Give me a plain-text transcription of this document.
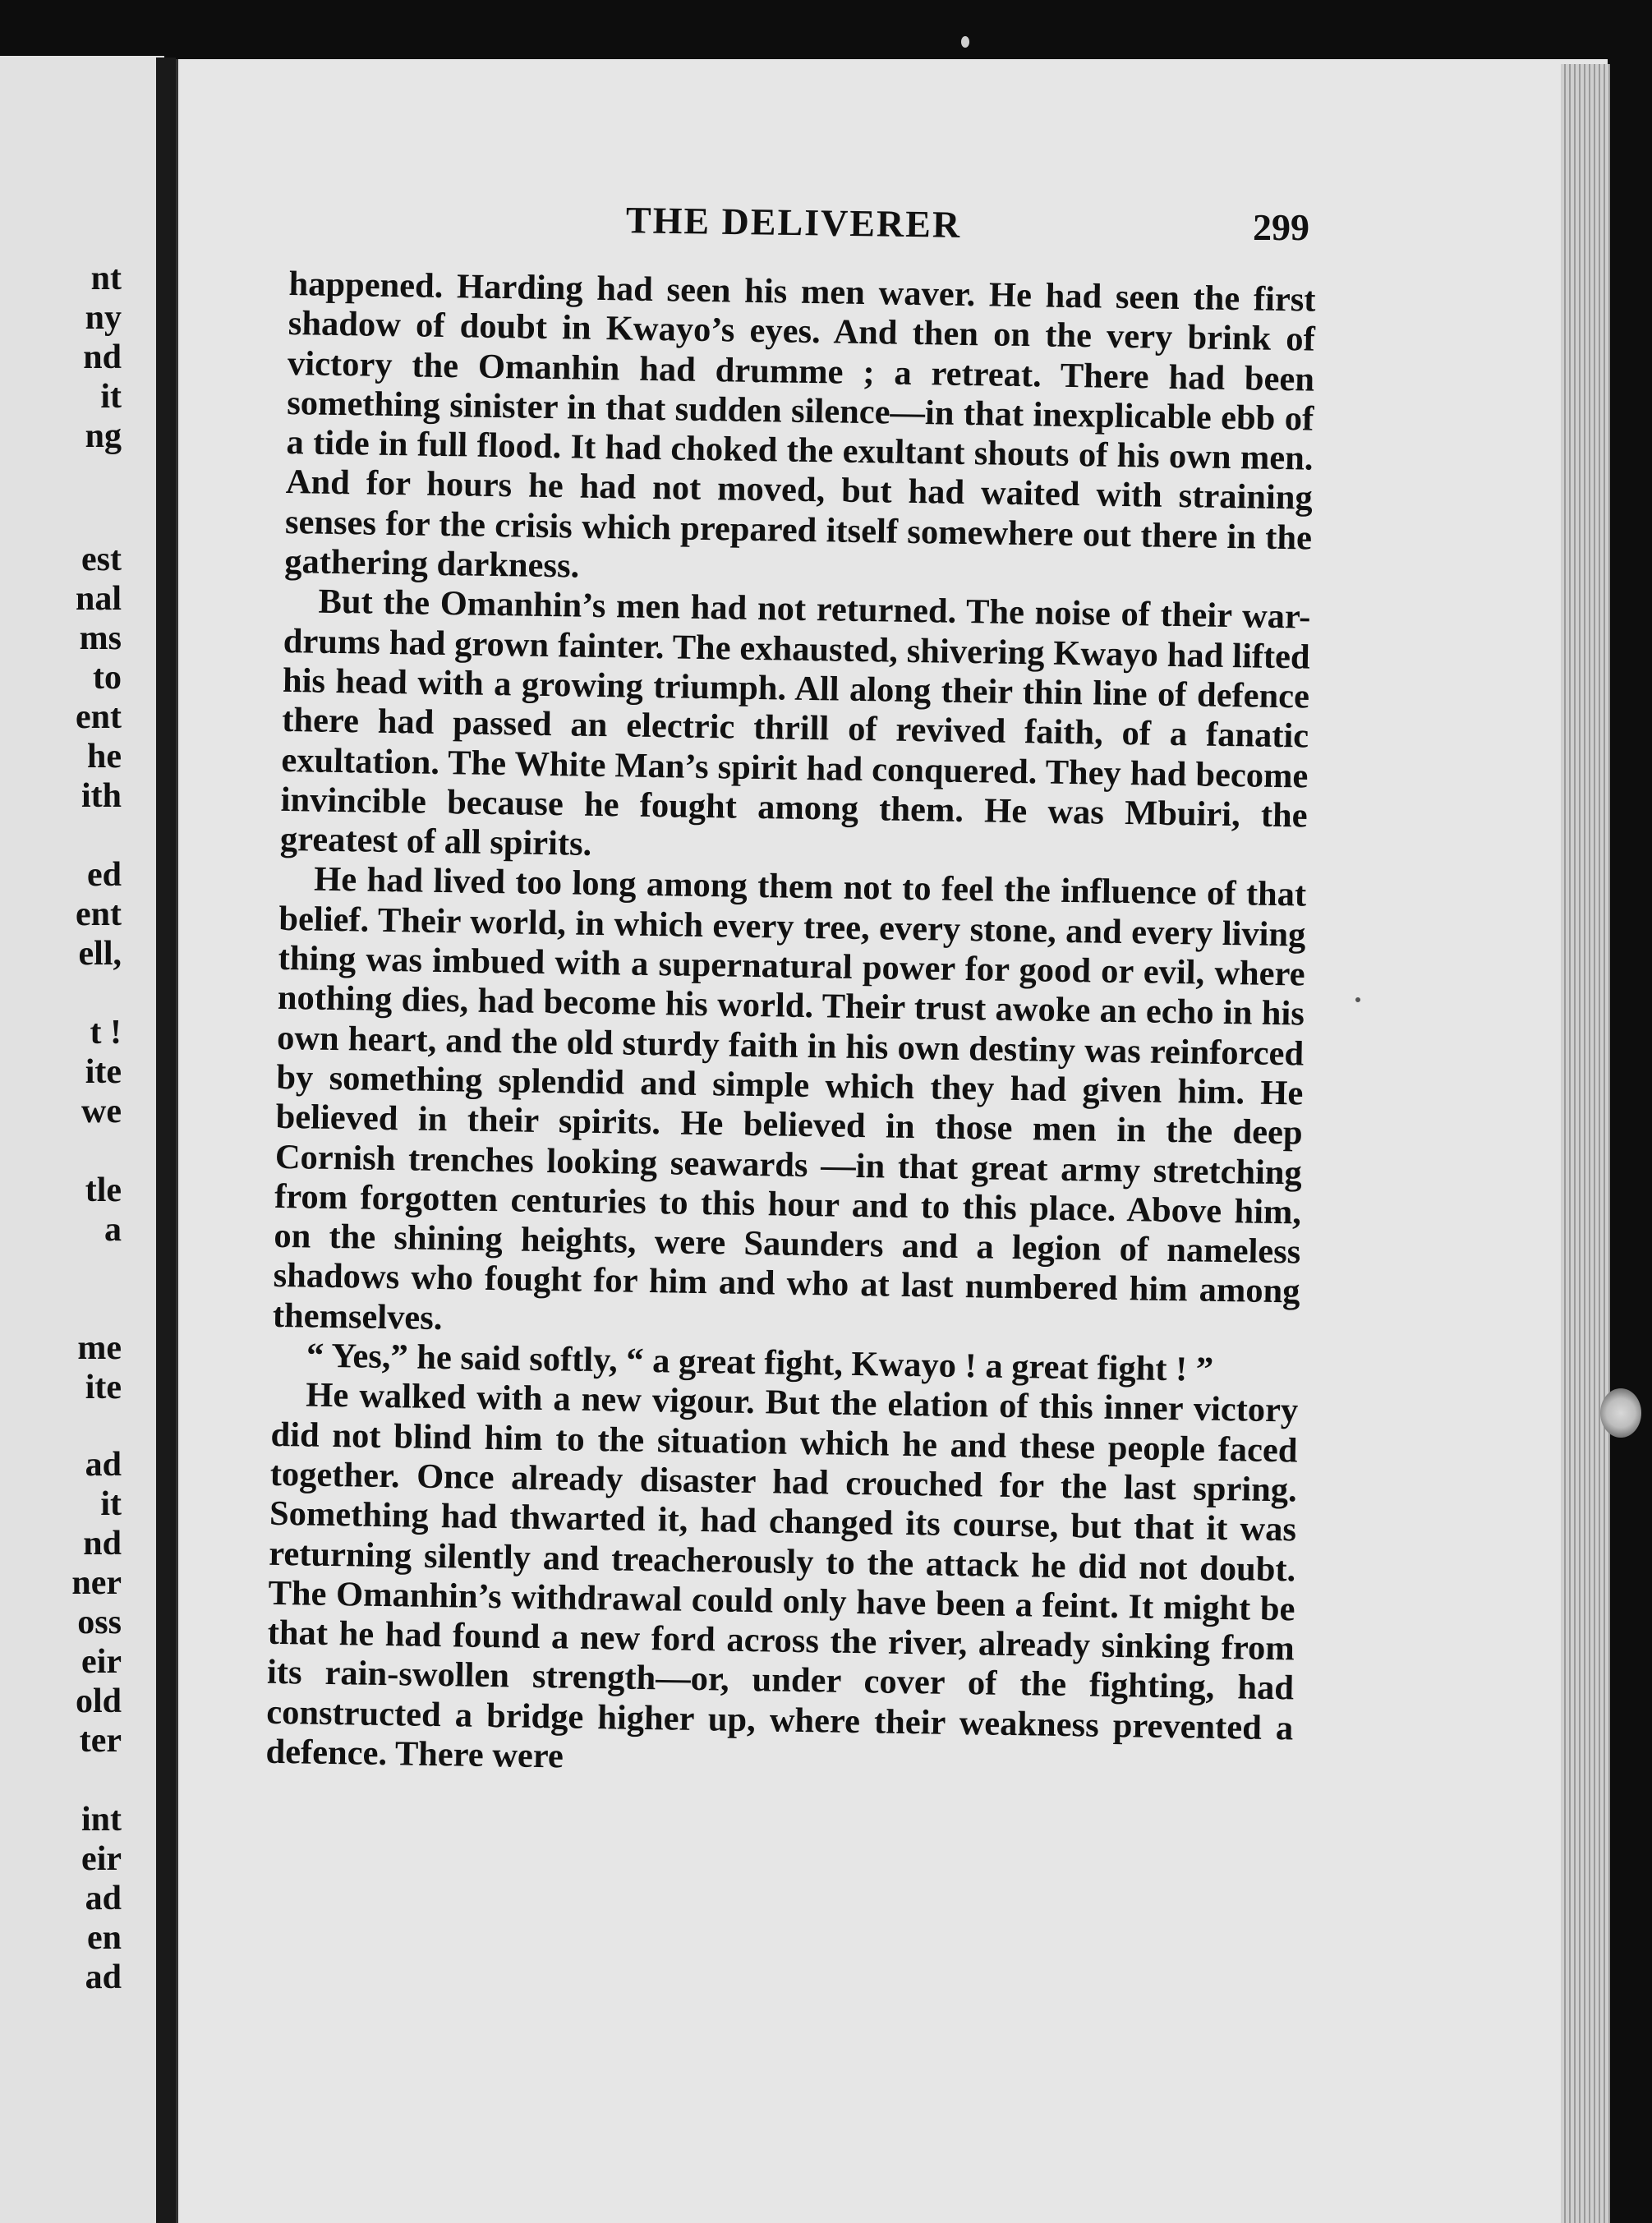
nt
ny
nd
it
ng
est
nal
ms
to
ent
he
ith
ed
ent
ell,
t !
ite
we
tle
a
me
ite
ad
it
nd
ner
oss
eir
old
ter
int
eir
ad
en
ad
THE DELIVERER	299

happened. Harding had seen his men waver. He had seen the first shadow of doubt in Kwayo’s eyes. And then on the very brink of victory the Omanhin had drumme ; a retreat. There had been something sinister in that sudden silence—in that inexplicable ebb of a tide in full flood. It had choked the exultant shouts of his own men. And for hours he had not moved, but had waited with straining senses for the crisis which prepared itself somewhere out there in the gathering darkness.

But the Omanhin’s men had not returned. The noise of their war-drums had grown fainter. The exhausted, shivering Kwayo had lifted his head with a growing triumph. All along their thin line of defence there had passed an electric thrill of revived faith, of a fanatic exultation. The White Man’s spirit had conquered. They had become invincible because he fought among them. He was Mbuiri, the greatest of all spirits.

He had lived too long among them not to feel the influence of that belief. Their world, in which every tree, every stone, and every living thing was imbued with a supernatural power for good or evil, where nothing dies, had become his world. Their trust awoke an echo in his own heart, and the old sturdy faith in his own destiny was reinforced by something splendid and simple which they had given him. He believed in their spirits. He believed in those men in the deep Cornish trenches looking seawards —in that great army stretching from forgotten centuries to this hour and to this place. Above him, on the shining heights, were Saunders and a legion of nameless shadows who fought for him and who at last numbered him among themselves.

“ Yes,” he said softly, “ a great fight, Kwayo ! a great fight ! ”

He walked with a new vigour. But the elation of this inner victory did not blind him to the situation which he and these people faced together. Once already disaster had crouched for the last spring. Something had thwarted it, had changed its course, but that it was returning silently and treacherously to the attack he did not doubt. The Omanhin’s withdrawal could only have been a feint. It might be that he had found a new ford across the river, already sinking from its rain-swollen strength—or, under cover of the fighting, had constructed a bridge higher up, where their weakness prevented a defence. There were
